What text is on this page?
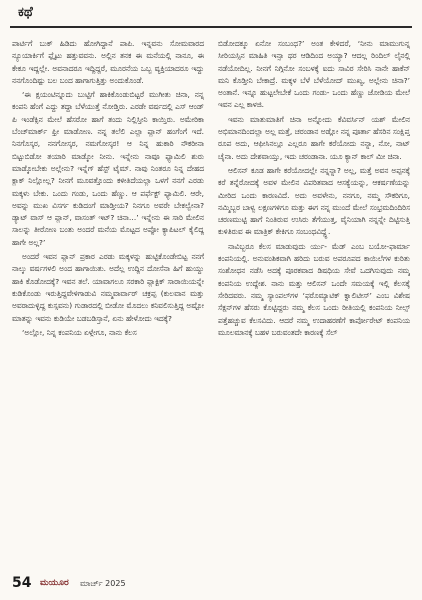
ಕಥೆ

ಪಾರ್ಟಿಗೆ ಬುಕ್ ಹಿಡಿದು ಹೋಗಿದ್ದಾನೆ ಪಾಪಿ. ಇನ್ನವನು ಸೋಮವಾರದ ನ್ಯೂಯಾರ್ಕಿಗೆ ಫ್ಲೈಟು ಹತ್ತುವವನು. ಅಲ್ಲಿನ ತನಕ ಈ ಮನೆಯಲ್ಲಿ ನಾನೂ, ಈ ಕೇಕೂ ಇದ್ದಲ್ಲೇ. ಅವನಾದರೂ ಇದ್ದಿದ್ದರೆ, ಮೂರನೆಯ ಒಬ್ಬ ವ್ಯಕ್ತಿಯಾದರೂ ಇದ್ದು ನನಗೊಂದಿಷ್ಟು ಬಲ ಬಂದ ಹಾಗಾಗುತ್ತಿತ್ತು ಅಂದುಕೊಂಡೆ.

‘ಈ ಕ್ಷಯಂಟಿನ್ನೂದು ಬುಟ್ಟಿಗೆ ಹಾಕಿಕೊಂಡುಬಿಟ್ಟರೆ ಮುಗೀತು ಚಿನಾ, ನನ್ನ ಕಂಪನಿ ಹೆಂಗೆ ಎದ್ದು ತದ್ದಾ ಬೆಳೆಯುತ್ತೆ ನೋಡ್ತಿರು. ಎರಡೇ ವರ್ಷದಲ್ಲಿ ಎಸ್ ಆಂಡ್ ಪಿ ಇಂಡೆಕ್ಸಿನ ಮೇಲೆ ಹೆಸರೋ ಹಾಗೆ ತಂದು ನಿಲ್ಲಿಸ್ತೀನಿ ಕಾಯ್ತಿರು. ಅಮೇರಿಕಾ ಬೆಂಚ್‌ಮಾರ್ಕ್ ಫ್ರೀ ಮಾಡೋಣ. ನನ್ನ ತಲೆಲಿ ಎಲ್ಲಾ ಪ್ಲಾನ್ ಹಂಗೆಂಗೆ ಇದೆ. ನಿನಗೊಸ್ಕರ, ನನಗೋಸ್ಕರ, ನಮಗೋಸ್ಕರ! ಆ ನಿನ್ನ ಹುಕಾರಿ ನೌಕರೀನಾ ಬಿಟ್ಟುಬಿಡೋ ತಯಾರಿ ಮಾಡ್ಕೋ ನೀನು. ಇನ್ನೇನು ನಾವೂ ಫ್ಯಾಮಿಲಿ ಶುರು ಮಾಡ್ಕೋಬೇಕು ಅಲ್ಲೇನು? ಇನ್ನೆಗ್ ಹೆಸ್ಟ್ ಟೈಮ್. ನಾವು ನಿಂತರೂ ನಿನ್ನ ದೇಹದ ಕ್ಲಾಕ್ ನಿಲ್ಲೋಲ್ಲ? ನೀನಗೆ ಮೂವತ್ತೊಂದು ಕಳೀತಿದೆಯಲ್ಲಾ ಒಳಗೆ ನನಗೆ ಎರಡು ಮಕ್ಕಳು ಬೇಕು. ಒಂದು ಗಂಡು, ಒಂದು ಹೆಣ್ಣು. ಆ ಪರ್ಫೆಕ್ಟ್ ಫ್ಯಾಮಿಲಿ. ಆರೇ, ಅವನ್ನು ಮುಖ ವಿಸರ್ಗ ಕುಡಿದಂಗೆ ಮಾಡ್ತೀಯ? ನಿನಗೂ ಅವರೇ ಬೇಕಲ್ವೇನಾ? ಡ್ಯಾಟ್ ವಾಸ್ ಆ ಪ್ಲಾನ್, ವಾಸಂತ್ ಇಟ್? ಚಿನಾ…’ ಇನ್ನೇನು ಈ ಸಾರಿ ಮೇಲಿನ ಸಾಲನ್ನು ತೀರೋಣ ಬಂತು ಅಂದರೆ ಮನೆಯ ಮೊಟ್ಟದ ಅಪ್ಪೋ ಕ್ಯಾಪಿಟಲ್ ಕೈಲಿದ್ದ ಹಾಗೇ ಅಲ್ಲ?’

ಅಂದರೆ ಇವನ ಪ್ಲಾನ್ ಪ್ರಕಾರ ಎರಡು ಮಕ್ಕಳನ್ನು ಹುಟ್ಟಿಕೊಂಡೇಬಿಟ್ಟ ನನಗೆ ನಾಲ್ಕು ವರ್ಷಗಳಲಿ ಅಂದ ಹಾಗಾಯಿತು. ಅದೆಲ್ಲ ಉದ್ದಿನ ದೋಸೆನಾ ಹಿಗೆ ಹುಯ್ದು ಹಾಕಿ ಕೊಡೋದಕ್ಕೆ? ಇವನ ತಲೆ. ಯಾವಾಗಲೂ ಸರಕಾರಿ ಪ್ಲಾಕ್ಟಿಕ್ ಸಾರಾಯಿಯನ್ನೇ ಕುಡಿಕೊಂಡು ಇರುತ್ತಿದ್ದವೇಳಿಗಾಡುವಿ ನಮ್ಮವಾರ್ವಾರ್ ಚಕ್ರಪ್ಪ (ಕುಲವಾನ ಮತ್ತು ಅವರಾದುಳ್ಳಿದ್ದ ಕುಸ್ಸವನು) ಗುಡಾರದಲ್ಲಿ ಬೀಡೋ ಮೊದಲು ಕನಿವಲಿಸುತ್ತಿದ್ದ ಅಷ್ಟೋ ಮಾತನ್ನು ಇವನು ಕುಡಿಯೇ ಬಡಬಡಿಸ್ತಾನೆ, ಏನು ಹೇಳೋದು ಇದಕ್ಕೆ?

‘ಅಲ್ಲೋ, ನಿನ್ನ ಕಂಪನಿಯ ಏಳ್ಗೇಗೂ, ನಾನು ಕೆಲಸ

ಬಿಡೋದಕ್ಕೂ ಏನೋ ಸಂಬಂಧ?’ ಅಂತ ಕೇಳಿದರೆ, ‘ನೀನು ಮಾಮುಗುನ್ನ ಸೀರಿಯಸ್ಸಿನ ಮಾಹಿತಿ ಇನ್ಸಾ ಥರ ಆಡಿದಿಂದ ಅಯ್ಯಾ? ಆದಲ್ಲ ರಿಂದಿಲ್ ಲೈನಲ್ಲಿ ನಡೆಯೋದಿಲ್ಲ. ನೀನಗೆ ನಿಗ್ಗಿನೋ ಸಂಬಳಕ್ಕೆ ಐದು ಸಾವಿರ ಸೇರಿಸಿ ನಾನೇ ಹಾಕೆನ್ ಮನಿ ಕೊಡ್ತೀನಿ ಬೇಕಾದ್ರೆ. ಮಕ್ಕಳ ಬೆಳೆ ಬೆಳೆಯೋದ್ ಮುಖ್ಯ, ಅಲ್ಲೇನು ಚಿನಾ?’ ಅಂತಾನೆ. ಇನ್ನೂ ಹುಟ್ಟಲೇಬೇಕೆ ಒಂದು ಗಂಡು- ಒಂದು ಹೆಣ್ಣು ಜೋಡಿಯ ಮೇಲೆ ಇವನ ಎಲ್ಲ ಕಾಳಜಿ.

ಇವನು ಮಾತುಮಾತಿಗೆ ಚಿನಾ ಅನ್ನೋದು ಕೆವಿವರ್ಸಿನ್ ಯಶ್ ಮೇಲಿನ ಅಭಿಮಾನದಿಂದಲ್ಲಾ ಅಲ್ಲ ಮತ್ತೆ, ಚರಂಡಾನ ಅಡ್ಲೋ ನನ್ನ ಪೂರ್ತಾ ಹೆಸರಿನ ಸಂಕ್ಷಿಪ್ತ ರೂಪ ಅದು, ಆಫೀಸಿನಲ್ಲೂ ಎಲ್ಲರೂ ಹಾಗೇ ಕರೆಯೋದು ನನ್ನಾ, ನೋ, ನಾಟ್ ಚೈನಾ. ಅದು ದೇಶವಾಯ್ತು, ಇದು ಚರಂಡಾನಾ. ಯೂ ಕ್ಯಾನ್ ಕಾಲ್ ಮೀ ಚಿನಾ.

ಆಲಿಸನ್ ಕೂಡ ಹಾಗೇ ಕರೆಯೋದಲ್ಲೇ ನನ್ನನ್ನಾ? ಅಲ್ಲ, ಮತ್ತೆ ಅವನ ಅಪ್ಪನಕ್ಕೆ ಕರೆ ತನ್ನೆರೋದಕ್ಕೆ ಅವಳ ಮೇಲಿನ ವಿಪರಿತವಾದ ಆಸಕ್ಯೆಯನ್ನು, ಆಕರ್ಷಣೆಯನ್ನು ಮೀರಿದ ಒಂದು ಕಾರಣವಿದೆ. ಅದು ಅವಳೇನು, ನನಗೂ, ನಮ್ಮ ಸೌಕರಿಗೂ, ನಮ್ಮಿಬ್ಬರ ಬಾಳ್ವ ಲಕ್ಷಣಗಳಿಗೂ ಮತ್ತು ಈಗ ನನ್ನ ಮುಂದೆ ಮೇಲೆ ಸಂಭ್ರಮದಿಂದಿರಿಸ ಚರಣಮುಟ್ಟಿ ಹಾಗೆ ನಿಂತಿರುವ ಉಸಿರು ತೆಗೆಯುತ್ತ, ವೈನಿಯಾಗಿ ನನ್ನನ್ನೇ ದಿಟ್ಟಿಸುತ್ತಿ ಕುಳಿತಿರುವ ಈ ಮಾತ್ರಿಕ್ ಕೇಕಿಗೂ ಸಂಬಂಧವಿದ್ದ್ದೆ.

ನಾವಿಬ್ಬರೂ ಕೆಲಸ ಮಾಡುವುದು ರ್ಯು- ಮೆಡ್ ಎಂಬ ಬಯೋ-ಫಾರ್ಮಾ ಕಂಪನಿಯಲ್ಲಿ. ಅನುವಂಶಿಕವಾಗಿ ಹರಿದು ಬರುವ ಅಪರೂಪದ ಕಾಯಿಲೆಗಳ ಕುರಿತು ಸಂಶೋಧನ ನಡೆಸಿ ಅದಕ್ಕೆ ಪೂರಕವಾದ ಡಿಷಧಿಯ ಸೇವೆ ಒದಗಿಸುವುದು ನಮ್ಮ ಕಂಪನಿಯ ಉದ್ದೇಶ. ನಾನು ಮತ್ತು ಆಲಿಸನ್ ಒಂದೇ ಸಮಯಕ್ಕೆ ಇಲ್ಲಿ ಕೆಲಸಕ್ಕೆ ಸೇರಿದವರು. ನಮ್ಮ ಸ್ಯಾಂಪಲ್‌ಗಳ ‘ಫರೊಮ್ಯಾಟಿಕ್ ಕ್ವಾಲಿಟೀಸ್’ ಎಂಬ ವಿಶೇಷ ಸೆಕ್ಷನ್‌ಗಳ ಹೆಸರು ಕೊಟ್ಟಿದ್ದರು ನಮ್ಮ ಕೆಲಸ ಒಂದು ರೀತಿಯಲ್ಲಿ ಕಂಪನಿಯ ನೀಲ್ಸ್ ಪತ್ತೆಹಚ್ಚುವ ಕೆಲಸವಿದು. ಆದರೆ ನಮ್ಮ ಉದಾಹರಣೆಗೆ ಕಾರ್ಪೋರೇಟ್ ಕಂಪನಿಯ ಮೂಲಮಾನಕ್ಕೆ ಬಹಳ ಬರುವಂತದೇ ಕಾರಣಕ್ಕೆ ಸೆಲ್

54 ಮಯೂರ ಮಾರ್ಚ್ 2025
